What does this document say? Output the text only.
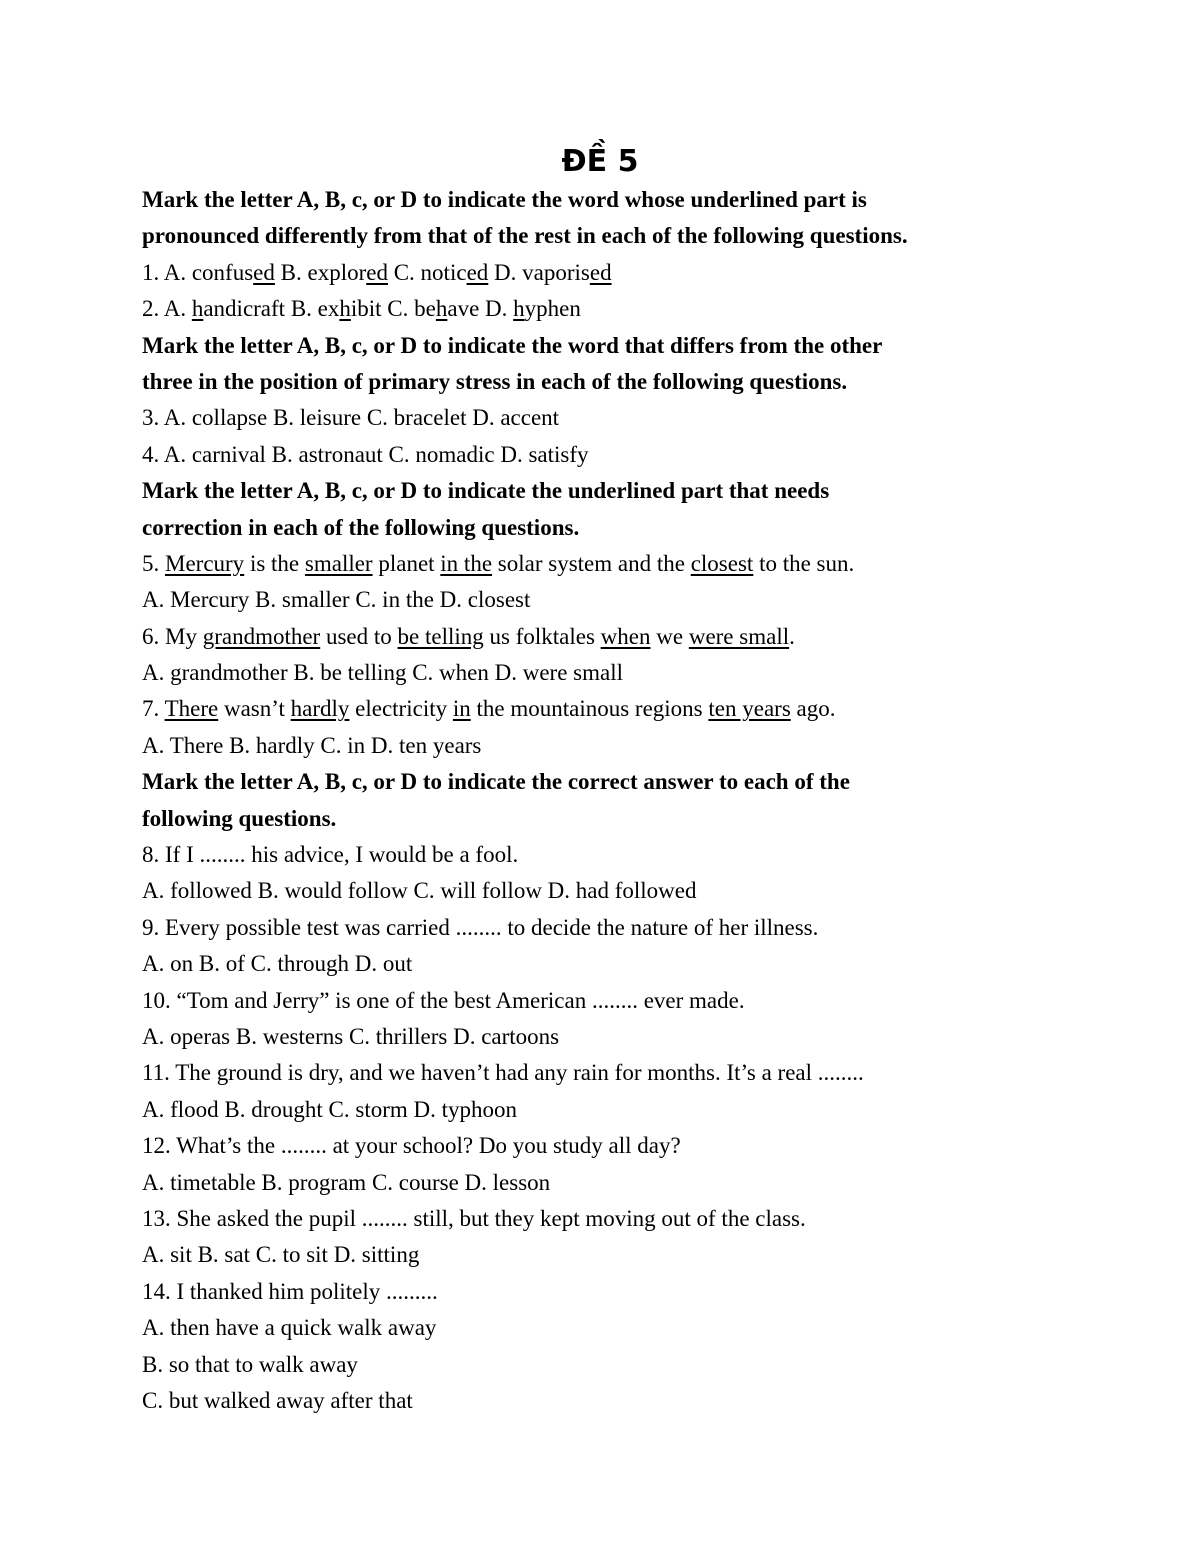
ĐỀ 5
Mark the letter A, B, c, or D to indicate the word whose underlined part is
pronounced differently from that of the rest in each of the following questions.
1. A. confused B. explored C. noticed D. vaporised
2. A. handicraft B. exhibit C. behave D. hyphen
Mark the letter A, B, c, or D to indicate the word that differs from the other
three in the position of primary stress in each of the following questions.
3. A. collapse B. leisure C. bracelet D. accent
4. A. carnival B. astronaut C. nomadic D. satisfy
Mark the letter A, B, c, or D to indicate the underlined part that needs
correction in each of the following questions.
5. Mercury is the smaller planet in the solar system and the closest to the sun.
A. Mercury B. smaller C. in the D. closest
6. My grandmother used to be telling us folktales when we were small.
A. grandmother B. be telling C. when D. were small
7. There wasn’t hardly electricity in the mountainous regions ten years ago.
A. There B. hardly C. in D. ten years
Mark the letter A, B, c, or D to indicate the correct answer to each of the
following questions.
8. If I ........ his advice, I would be a fool.
A. followed B. would follow C. will follow D. had followed
9. Every possible test was carried ........ to decide the nature of her illness.
A. on B. of C. through D. out
10. “Tom and Jerry” is one of the best American ........ ever made.
A. operas B. westerns C. thrillers D. cartoons
11. The ground is dry, and we haven’t had any rain for months. It’s a real ........
A. flood B. drought C. storm D. typhoon
12. What’s the ........ at your school? Do you study all day?
A. timetable B. program C. course D. lesson
13. She asked the pupil ........ still, but they kept moving out of the class.
A. sit B. sat C. to sit D. sitting
14. I thanked him politely .........
A. then have a quick walk away
B. so that to walk away
C. but walked away after that
